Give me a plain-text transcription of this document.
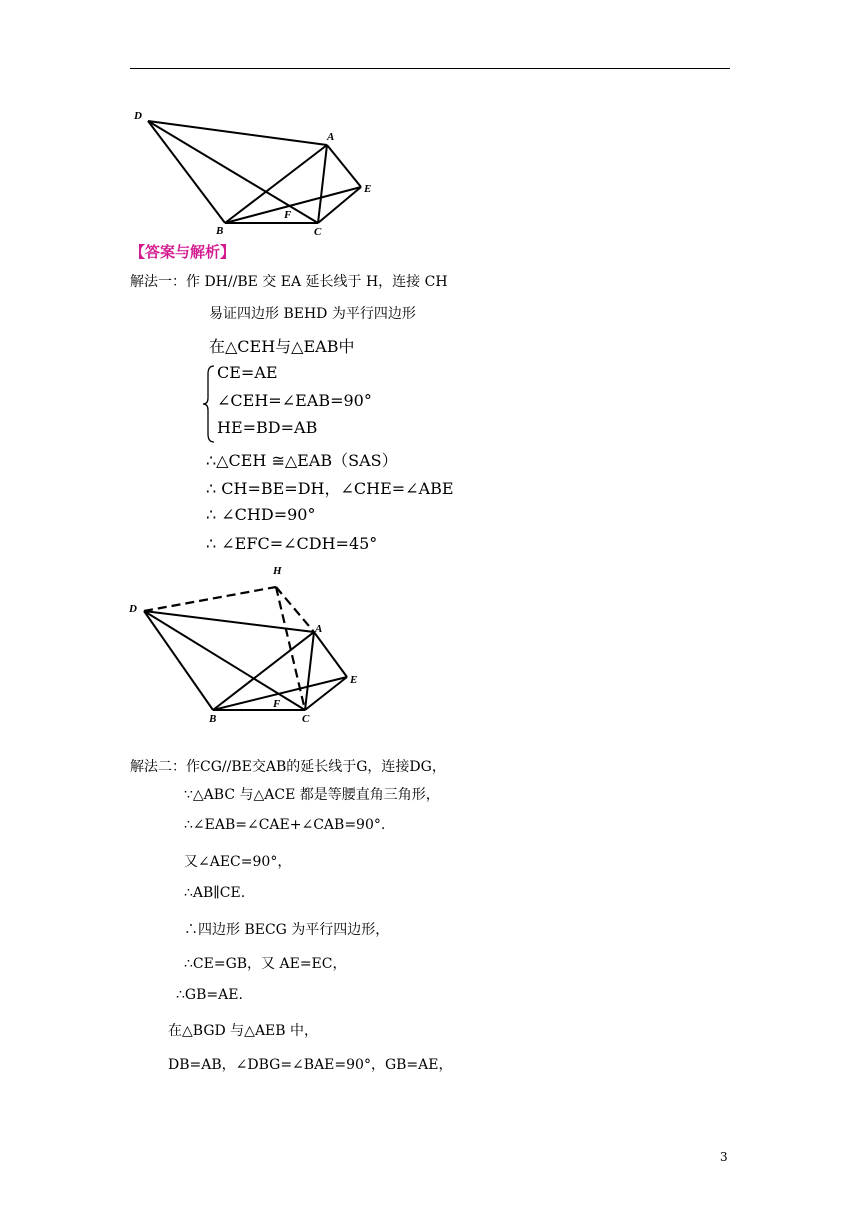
D
A
E
F
B	C
【答案与解析】
解法一：作 DH//BE 交 EA 延长线于 H，连接 CH
易证四边形 BEHD 为平行四边形
在△CEH与△EAB中
CE=AE
∠CEH=∠EAB=90°
HE=BD=AB
∴△CEH ≅△EAB（SAS）
∴ CH=BE=DH，∠CHE=∠ABE
∴ ∠CHD=90°
∴ ∠EFC=∠CDH=45°
H
D
A
E
F
B	C
解法二：作CG//BE交AB的延长线于G，连接DG，
∵△ABC 与△ACE 都是等腰直角三角形，
∴∠EAB=∠CAE+∠CAB=90°.
又∠AEC=90°，
∴AB∥CE.
∴四边形 BECG 为平行四边形，
∴CE=GB，又 AE=EC，
∴GB=AE.
在△BGD 与△AEB 中，
DB=AB，∠DBG=∠BAE=90°，GB=AE，
3
